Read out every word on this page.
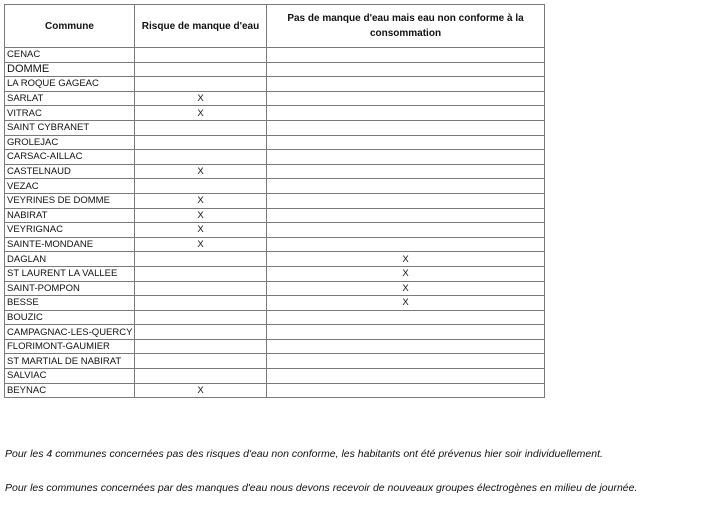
Commune	Risque de manque d'eau	Pas de manque d'eau mais eau non conforme à la consommation
CENAC		
DOMME		
LA ROQUE GAGEAC		
SARLAT	X	
VITRAC	X	
SAINT CYBRANET		
GROLEJAC		
CARSAC-AILLAC		
CASTELNAUD	X	
VEZAC		
VEYRINES DE DOMME	X	
NABIRAT	X	
VEYRIGNAC	X	
SAINTE-MONDANE	X	
DAGLAN		X
ST LAURENT LA VALLEE		X
SAINT-POMPON		X
BESSE		X
BOUZIC		
CAMPAGNAC-LES-QUERCY		
FLORIMONT-GAUMIER		
ST MARTIAL DE NABIRAT		
SALVIAC		
BEYNAC	X	
Pour les 4 communes concernées pas des risques d'eau non conforme, les habitants ont été prévenus hier soir individuellement.
Pour les communes concernées par des manques d'eau nous devons recevoir de nouveaux groupes électrogènes en milieu de journée.
